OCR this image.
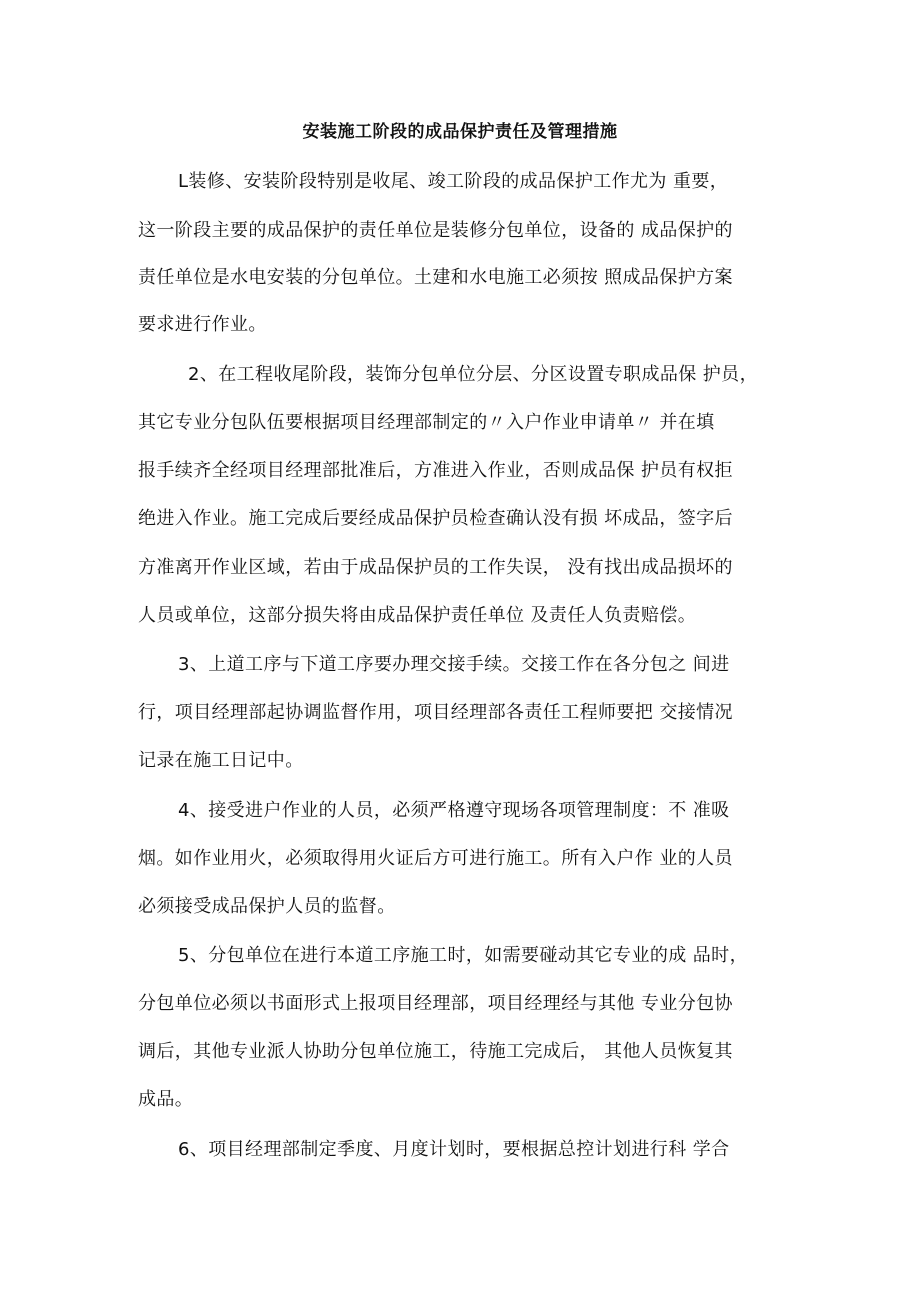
安装施工阶段的成品保护责任及管理措施
L装修、安装阶段特别是收尾、竣工阶段的成品保护工作尤为 重要，
这一阶段主要的成品保护的责任单位是装修分包单位，设备的 成品保护的
责任单位是水电安装的分包单位。土建和水电施工必须按 照成品保护方案
要求进行作业。
2、在工程收尾阶段，装饰分包单位分层、分区设置专职成品保 护员，
其它专业分包队伍要根据项目经理部制定的〃入户作业申请单〃 并在填
报手续齐全经项目经理部批准后，方准进入作业，否则成品保 护员有权拒
绝进入作业。施工完成后要经成品保护员检查确认没有损 坏成品，签字后
方准离开作业区域，若由于成品保护员的工作失误， 没有找出成品损坏的
人员或单位，这部分损失将由成品保护责任单位 及责任人负责赔偿。
3、上道工序与下道工序要办理交接手续。交接工作在各分包之 间进
行，项目经理部起协调监督作用，项目经理部各责任工程师要把 交接情况
记录在施工日记中。
4、接受进户作业的人员，必须严格遵守现场各项管理制度：不 准吸
烟。如作业用火，必须取得用火证后方可进行施工。所有入户作 业的人员
必须接受成品保护人员的监督。
5、分包单位在进行本道工序施工时，如需要碰动其它专业的成 品时，
分包单位必须以书面形式上报项目经理部，项目经理经与其他 专业分包协
调后，其他专业派人协助分包单位施工，待施工完成后， 其他人员恢复其
成品。
6、项目经理部制定季度、月度计划时，要根据总控计划进行科 学合
